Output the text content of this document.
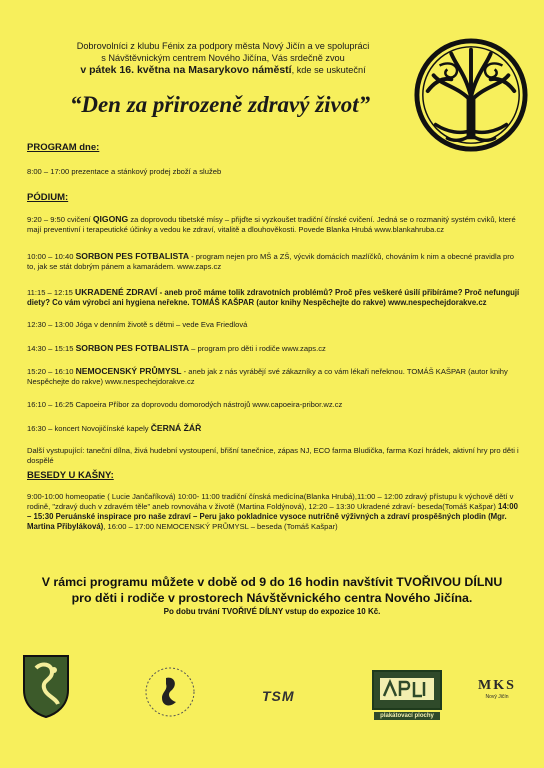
Dobrovolníci z klubu Fénix za podpory města Nový Jičín a ve spolupráci
s Návštěvnickým centrem Nového Jičína, Vás srdečně zvou
v pátek 16. května na Masarykovo náměstí, kde se uskuteční
“Den za přirozeně zdravý život”
PROGRAM dne:
8:00 – 17:00 prezentace a stánkový prodej zboží a služeb
PÓDIUM:
9:20 – 9:50 cvičení QIGONG za doprovodu tibetské mísy – přijďte si vyzkoušet tradiční čínské cvičení. Jedná se o rozmanitý systém cviků, které mají preventivní i terapeutické účinky a vedou ke zdraví, vitalitě a dlouhověkosti. Povede Blanka Hrubá www.blankahruba.cz
10:00 – 10:40 SORBON PES FOTBALISTA - program nejen pro MŠ a ZŠ, výcvik domácích mazlíčků, chováním k nim a obecné pravidla pro to, jak se stát dobrým pánem a kamarádem. www.zaps.cz
11:15 – 12:15 UKRADENÉ ZDRAVÍ - aneb proč máme tolik zdravotních problémů? Proč přes veškeré úsilí přibíráme? Proč nefungují diety? Co vám výrobci ani hygiena neřekne. TOMÁŠ KAŠPAR (autor knihy Nespěchejte do rakve) www.nespechejdorakve.cz
12:30 – 13:00 Jóga v denním životě s dětmi – vede Eva Friedlová
14:30 – 15:15 SORBON PES FOTBALISTA – program pro děti i rodiče www.zaps.cz
15:20 – 16:10 NEMOCENSKÝ PRŮMYSL - aneb jak z nás vyrábějí své zákazníky a co vám lékaři neřeknou. TOMÁŠ KAŠPAR (autor knihy Nespěchejte do rakve) www.nespechejdorakve.cz
16:10 – 16:25 Capoeira Příbor za doprovodu domorodých nástrojů www.capoeira-pribor.wz.cz
16:30 – koncert Novojičínské kapely ČERNÁ ŽÁŘ
Další vystupující: taneční dílna, živá hudební vystoupení, břišní tanečnice, zápas NJ, ECO farma Bludička, farma Kozí hrádek, aktivní hry pro děti i dospělé
BESEDY U KAŠNY:
9:00-10:00 homeopatie ( Lucie Jančaříková) 10:00- 11:00 tradiční čínská medicína(Blanka Hrubá),11:00 – 12:00 zdravý přístupu k výchově dětí v rodině, "zdravý duch v zdravém těle" aneb rovnováha v životě (Martina Foldýnová), 12:20 – 13:30 Ukradené zdraví- beseda(Tomáš Kašpar) 14:00 – 15:30 Peruánské inspirace pro naše zdraví – Peru jako pokladnice vysoce nutričně výživných a zdraví prospěšných plodin (Mgr. Martina Přibyláková), 16:00 – 17:00 NEMOCENSKÝ PRŮMYSL – beseda (Tomáš Kašpar)
V rámci programu můžete v době od 9 do 16 hodin navštívit TVOŘIVOU DÍLNU
pro děti i rodiče v prostorech Návštěvnického centra Nového Jičína.
Po dobu trvání TVOŘIVÉ DÍLNY vstup do expozice 10 Kč.
TSM
plakátovací plochy
MKS
Nový Jičín
